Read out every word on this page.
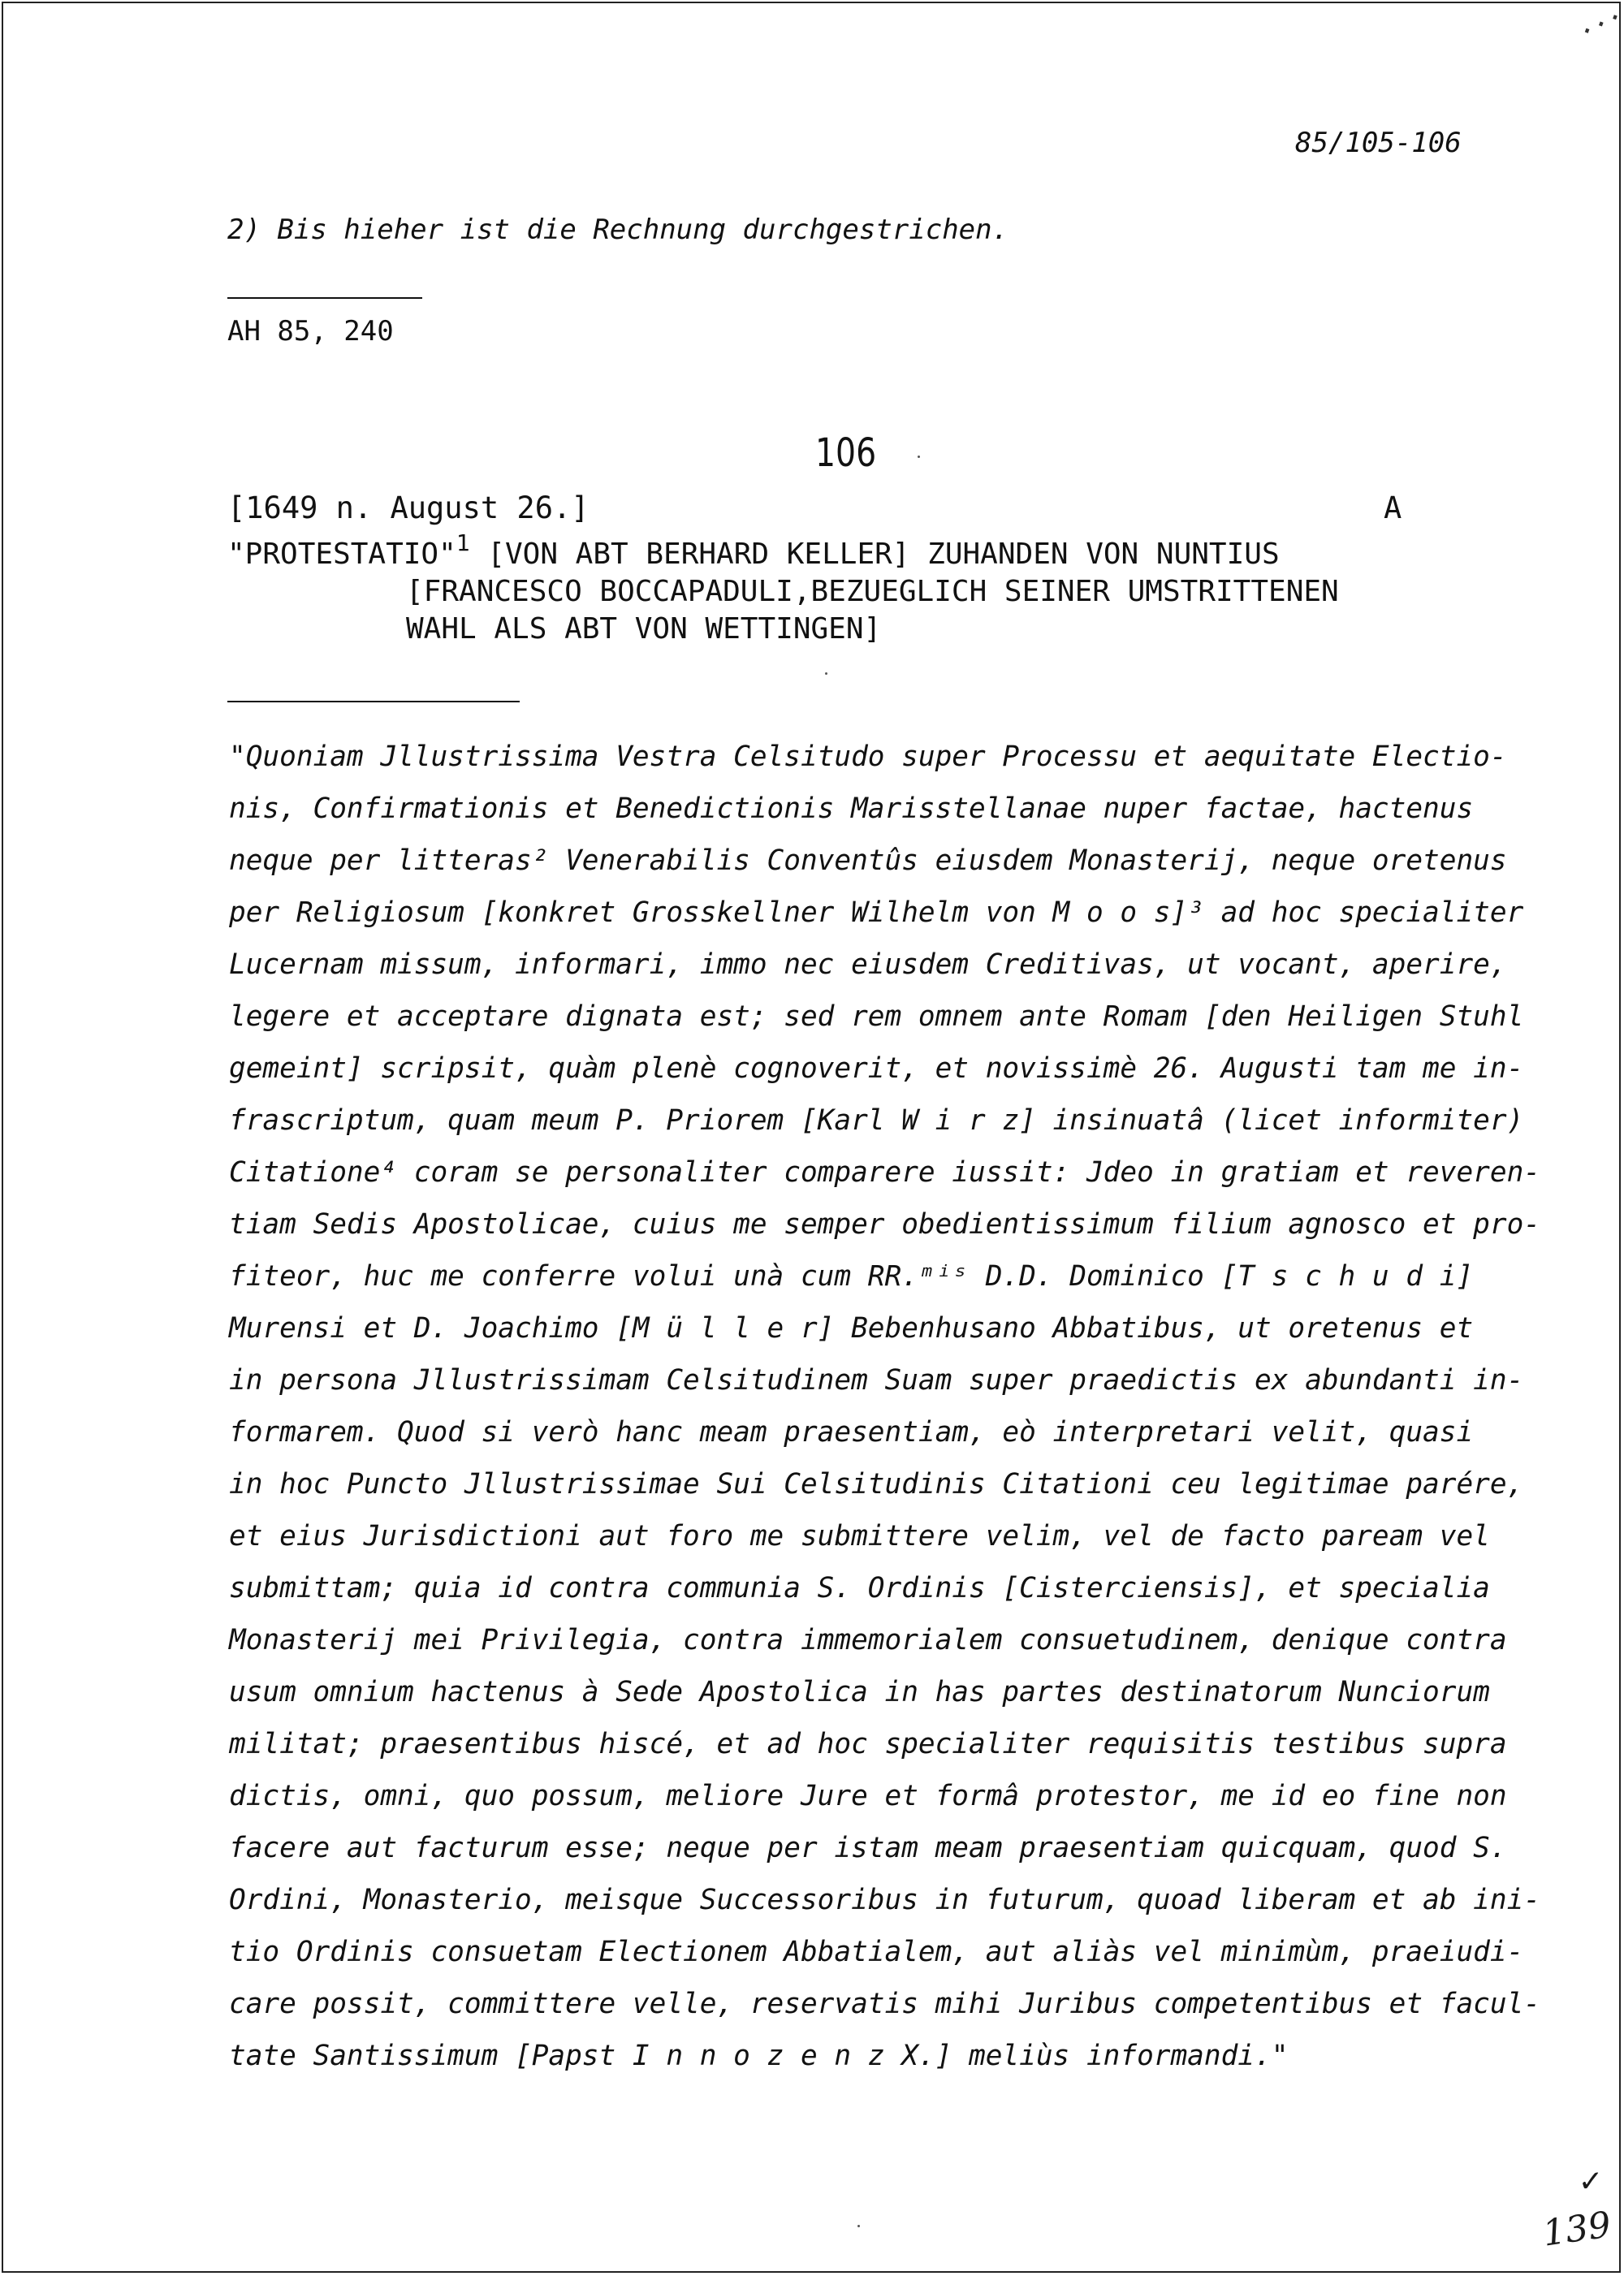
⋰
85/105-106
2) Bis hieher ist die Rechnung durchgestrichen.
AH 85, 240
106
[1649 n. August 26.]	A
"PROTESTATIO"$^1$ [VON ABT BERHARD KELLER] ZUHANDEN VON NUNTIUS
[FRANCESCO BOCCAPADULI,BEZUEGLICH SEINER UMSTRITTENEN
WAHL ALS ABT VON WETTINGEN]
"Quoniam Jllustrissima Vestra Celsitudo super Processu et aequitate Electio-
nis, Confirmationis et Benedictionis Marisstellanae nuper factae, hactenus
neque per litteras² Venerabilis Conventûs eiusdem Monasterij, neque oretenus
per Religiosum [konkret Grosskellner Wilhelm von M o o s]³ ad hoc specialiter
Lucernam missum, informari, immo nec eiusdem Creditivas, ut vocant, aperire,
legere et acceptare dignata est; sed rem omnem ante Romam [den Heiligen Stuhl
gemeint] scripsit, quàm plenè cognoverit, et novissimè 26. Augusti tam me in-
frascriptum, quam meum P. Priorem [Karl W i r z] insinuatâ (licet informiter)
Citatione⁴ coram se personaliter comparere iussit: Jdeo in gratiam et reveren-
tiam Sedis Apostolicae, cuius me semper obedientissimum filium agnosco et pro-
fiteor, huc me conferre volui unà cum RR.ᵐⁱˢ D.D. Dominico [T s c h u d i]
Murensi et D. Joachimo [M ü l l e r] Bebenhusano Abbatibus, ut oretenus et
in persona Jllustrissimam Celsitudinem Suam super praedictis ex abundanti in-
formarem. Quod si verò hanc meam praesentiam, eò interpretari velit, quasi
in hoc Puncto Jllustrissimae Sui Celsitudinis Citationi ceu legitimae parére,
et eius Jurisdictioni aut foro me submittere velim, vel de facto paream vel
submittam; quia id contra communia S. Ordinis [Cisterciensis], et specialia
Monasterij mei Privilegia, contra immemorialem consuetudinem, denique contra
usum omnium hactenus à Sede Apostolica in has partes destinatorum Nunciorum
militat; praesentibus hiscé, et ad hoc specialiter requisitis testibus supra
dictis, omni, quo possum, meliore Jure et formâ protestor, me id eo fine non
facere aut facturum esse; neque per istam meam praesentiam quicquam, quod S.
Ordini, Monasterio, meisque Successoribus in futurum, quoad liberam et ab ini-
tio Ordinis consuetam Electionem Abbatialem, aut aliàs vel minimùm, praeiudi-
care possit, committere velle, reservatis mihi Juribus competentibus et facul-
tate Santissimum [Papst I n n o z e n z X.] meliùs informandi."
✓
139
